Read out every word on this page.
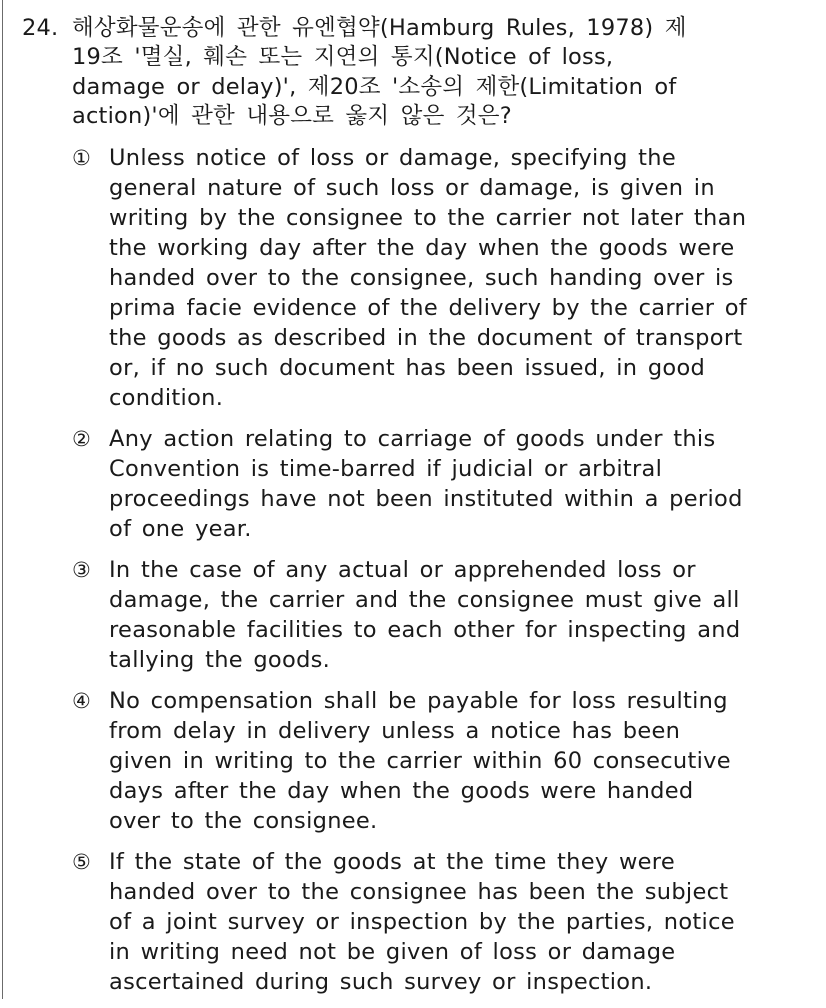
24. 해상화물운송에 관한 유엔협약(Hamburg Rules, 1978) 제
19조 '멸실, 훼손 또는 지연의 통지(Notice of loss,
damage or delay)', 제20조 '소송의 제한(Limitation of
action)'에 관한 내용으로 옳지 않은 것은?
① Unless notice of loss or damage, specifying the
general nature of such loss or damage, is given in
writing by the consignee to the carrier not later than
the working day after the day when the goods were
handed over to the consignee, such handing over is
prima facie evidence of the delivery by the carrier of
the goods as described in the document of transport
or, if no such document has been issued, in good
condition.
② Any action relating to carriage of goods under this
Convention is time-barred if judicial or arbitral
proceedings have not been instituted within a period
of one year.
③ In the case of any actual or apprehended loss or
damage, the carrier and the consignee must give all
reasonable facilities to each other for inspecting and
tallying the goods.
④ No compensation shall be payable for loss resulting
from delay in delivery unless a notice has been
given in writing to the carrier within 60 consecutive
days after the day when the goods were handed
over to the consignee.
⑤ If the state of the goods at the time they were
handed over to the consignee has been the subject
of a joint survey or inspection by the parties, notice
in writing need not be given of loss or damage
ascertained during such survey or inspection.
